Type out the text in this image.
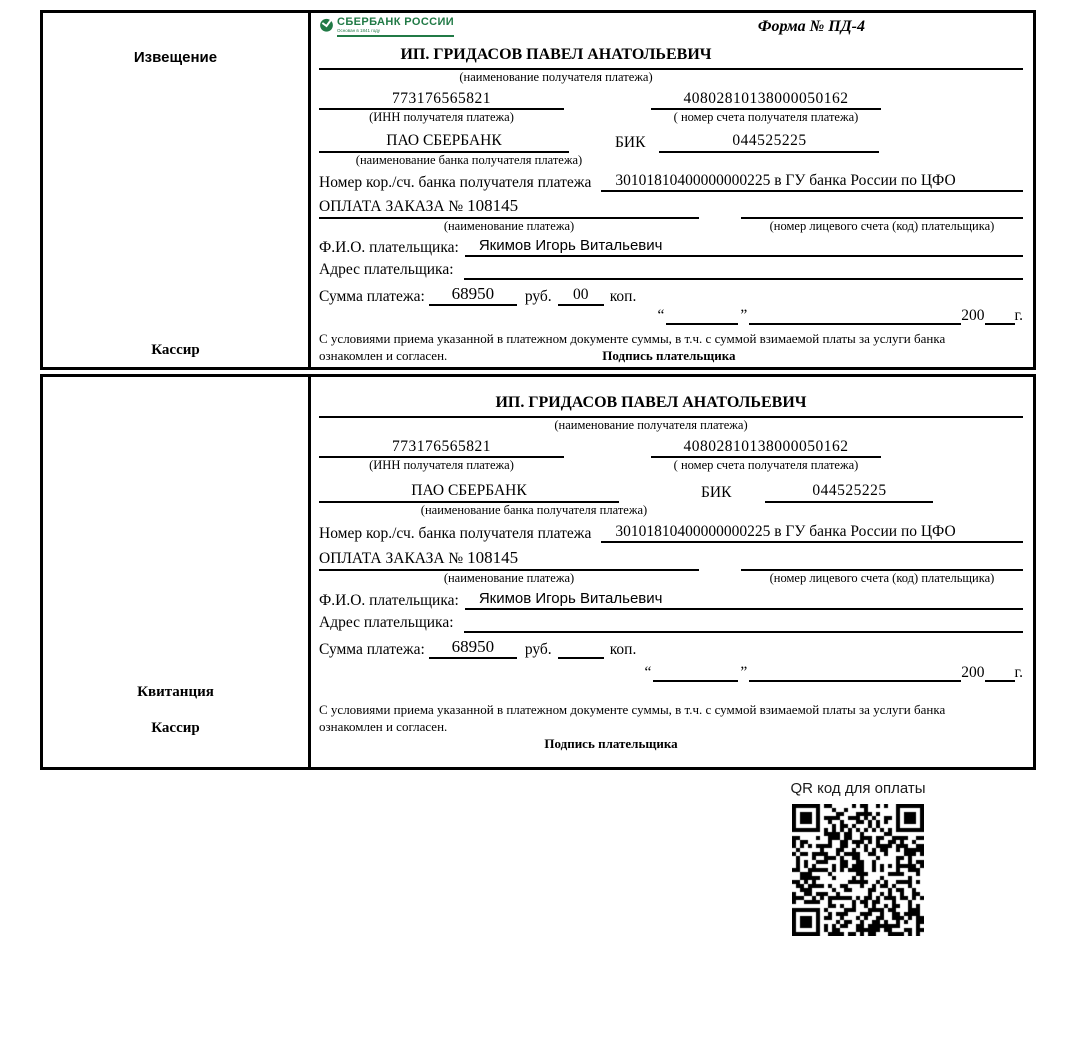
Извещение
Кассир
СБЕРБАНК РОССИИ
Основан в 1841 году	Форма № ПД-4
ИП. ГРИДАСОВ ПАВЕЛ АНАТОЛЬЕВИЧ
(наименование получателя платежа)
773176565821	40802810138000050162
(ИНН получателя платежа)	( номер счета получателя платежа)
ПАО СБЕРБАНК	БИК	044525225
(наименование банка получателя платежа)
Номер кор./сч. банка получателя платежа	30101810400000000225 в ГУ банка России по ЦФО
ОПЛАТА ЗАКАЗА № 108145
(наименование платежа)	(номер лицевого счета (код) плательщика)
Ф.И.О. плательщика:	Якимов Игорь Витальевич
Адрес плательщика:
Сумма платежа:	68950	руб.	00	коп.
“	”	200 г.
С условиями приема указанной в платежном документе суммы, в т.ч. с суммой взимаемой платы за услуги банка
ознакомлен и согласен.	Подпись плательщика
Квитанция
Кассир
ИП. ГРИДАСОВ ПАВЕЛ АНАТОЛЬЕВИЧ
(наименование получателя платежа)
773176565821	40802810138000050162
(ИНН получателя платежа)	( номер счета получателя платежа)
ПАО СБЕРБАНК	БИК	044525225
(наименование банка получателя платежа)
Номер кор./сч. банка получателя платежа	30101810400000000225 в ГУ банка России по ЦФО
ОПЛАТА ЗАКАЗА № 108145
(наименование платежа)	(номер лицевого счета (код) плательщика)
Ф.И.О. плательщика:	Якимов Игорь Витальевич
Адрес плательщика:
Сумма платежа:	68950	руб.	коп.
“	”	200 г.
С условиями приема указанной в платежном документе суммы, в т.ч. с суммой взимаемой платы за услуги банка
ознакомлен и согласен.
Подпись плательщика
QR код для оплаты
